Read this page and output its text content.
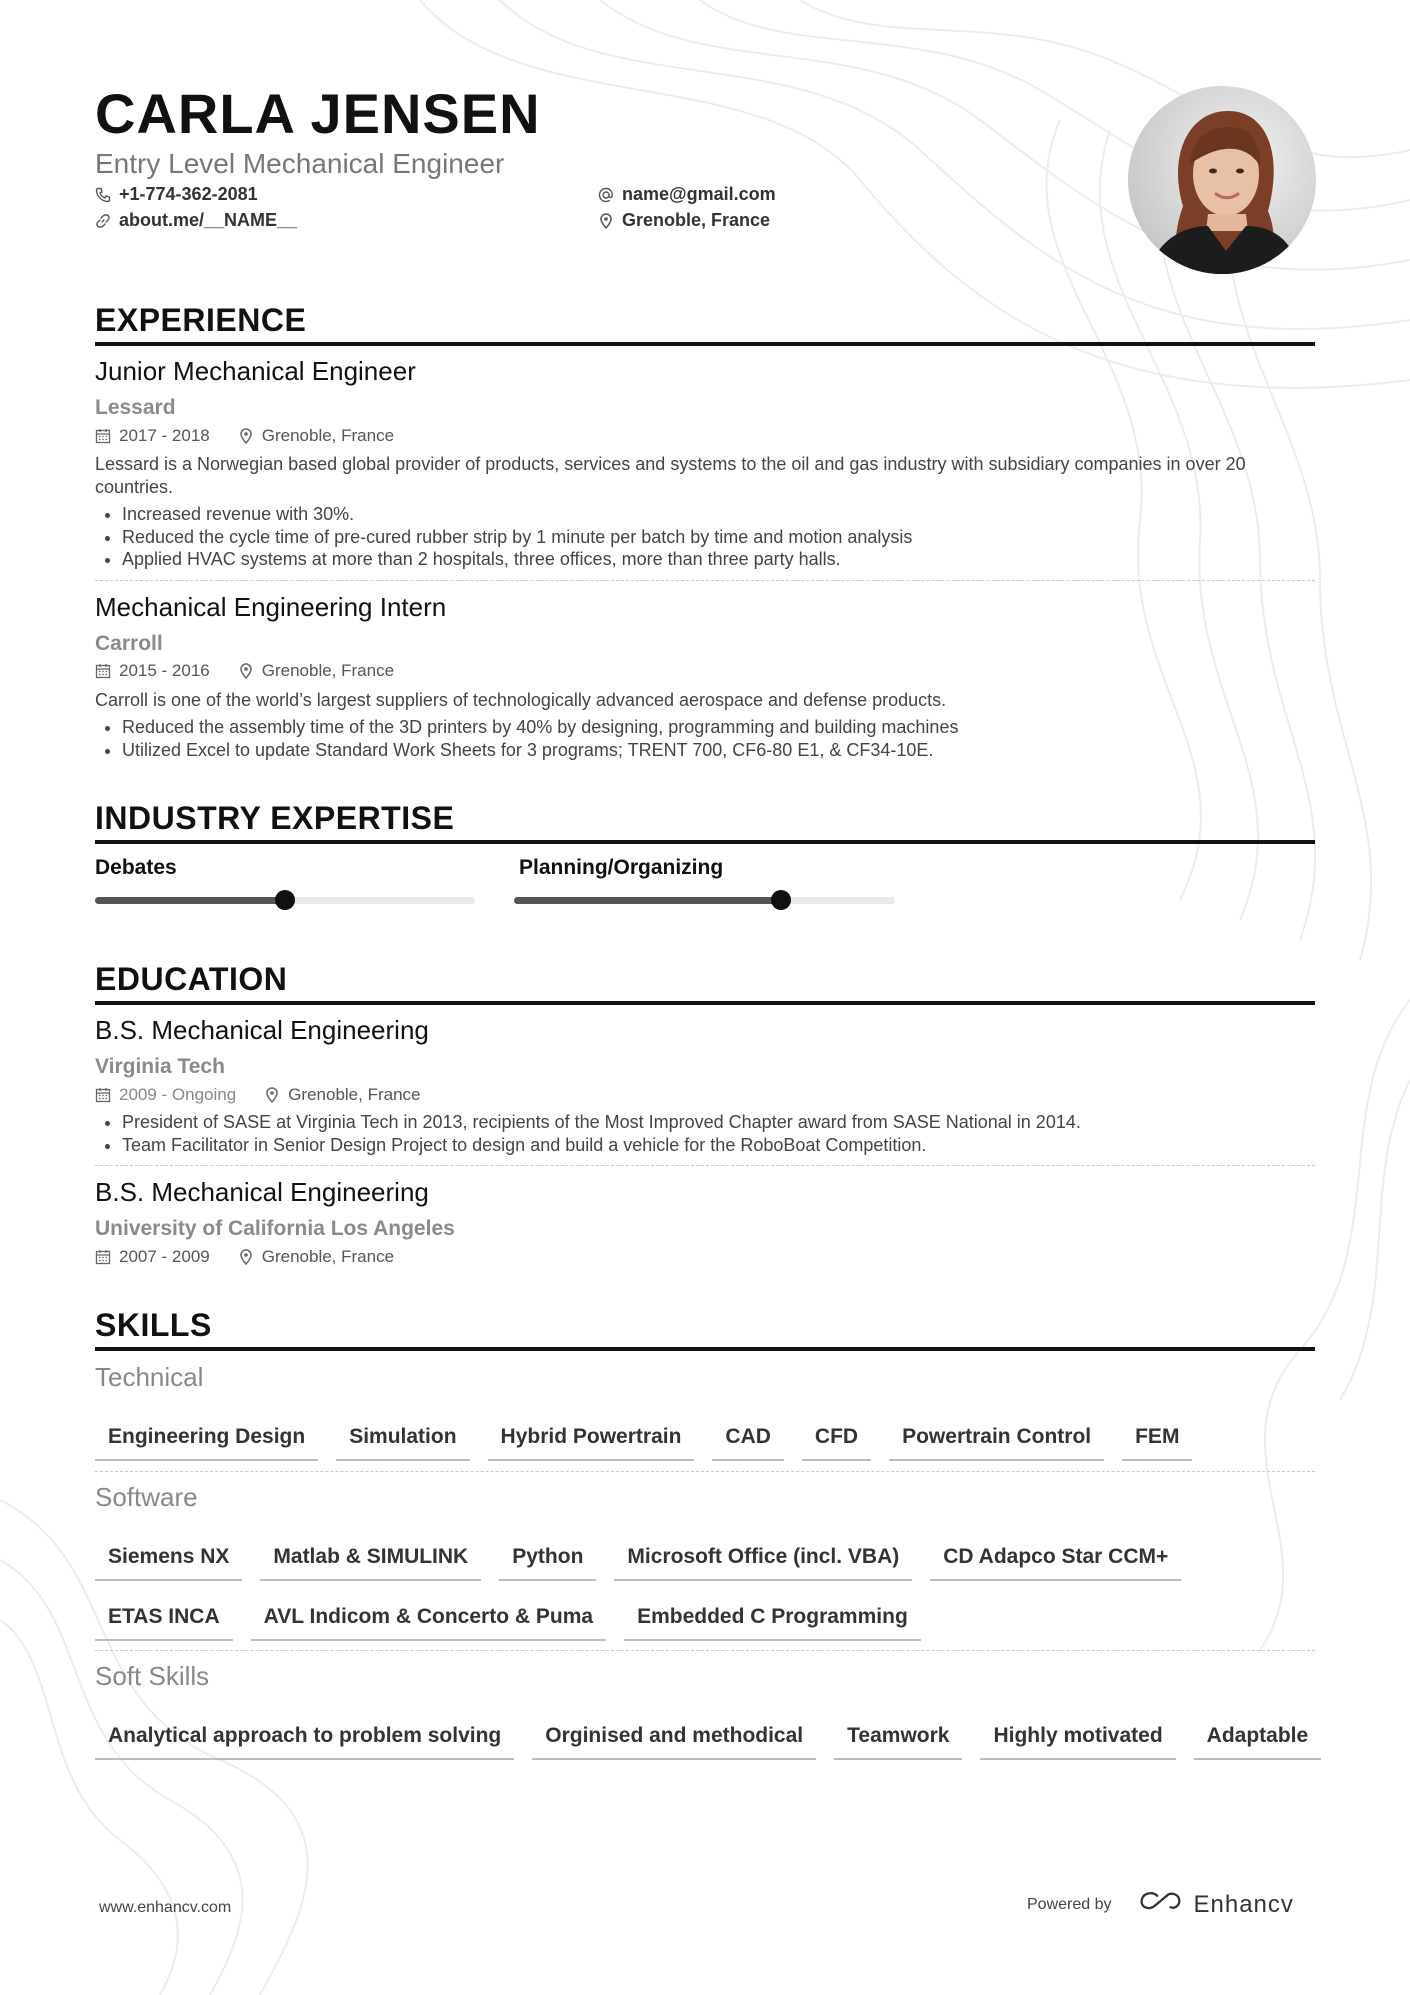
CARLA JENSEN
Entry Level Mechanical Engineer
+1-774-362-2081
about.me/__NAME__
name@gmail.com
Grenoble, France
EXPERIENCE
Junior Mechanical Engineer
Lessard
2017 - 2018	Grenoble, France

Lessard is a Norwegian based global provider of products, services and systems to the oil and gas industry with subsidiary companies in over 20 countries.

• Increased revenue with 30%.
• Reduced the cycle time of pre-cured rubber strip by 1 minute per batch by time and motion analysis
• Applied HVAC systems at more than 2 hospitals, three offices, more than three party halls.
Mechanical Engineering Intern
Carroll
2015 - 2016	Grenoble, France

Carroll is one of the world’s largest suppliers of technologically advanced aerospace and defense products.

• Reduced the assembly time of the 3D printers by 40% by designing, programming and building machines
• Utilized Excel to update Standard Work Sheets for 3 programs; TRENT 700, CF6-80 E1, & CF34-10E.
INDUSTRY EXPERTISE
Debates	Planning/Organizing
EDUCATION
B.S. Mechanical Engineering
Virginia Tech
2009 - Ongoing	Grenoble, France
• President of SASE at Virginia Tech in 2013, recipients of the Most Improved Chapter award from SASE National in 2014.
• Team Facilitator in Senior Design Project to design and build a vehicle for the RoboBoat Competition.
B.S. Mechanical Engineering
University of California Los Angeles
2007 - 2009	Grenoble, France
SKILLS
Technical
Engineering Design	Simulation	Hybrid Powertrain	CAD	CFD	Powertrain Control	FEM
Software
Siemens NX	Matlab & SIMULINK	Python	Microsoft Office (incl. VBA)	CD Adapco Star CCM+
ETAS INCA	AVL Indicom & Concerto & Puma	Embedded C Programming
Soft Skills
Analytical approach to problem solving	Orginised and methodical	Teamwork	Highly motivated	Adaptable
www.enhancv.com	Powered by	Enhancv
